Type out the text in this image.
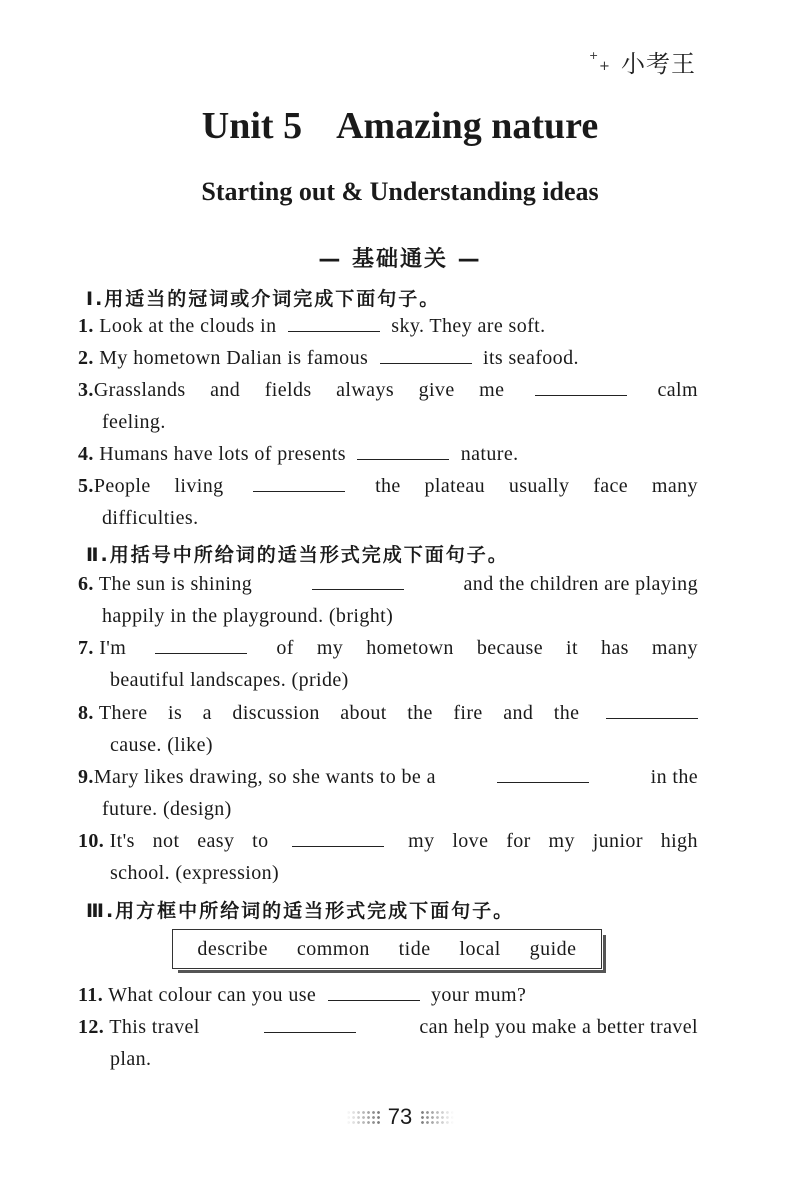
+
+ 小考王
Unit 5 Amazing nature
Starting out & Understanding ideas
— 基础通关 —
Ⅰ.用适当的冠词或介词完成下面句子。
1. Look at the clouds in	sky. They are soft.
2. My hometown Dalian is famous	its seafood.
3.Grasslands and fields always give me	calm
feeling.
4. Humans have lots of presents	nature.
5.People living	the plateau usually face many
difficulties.
Ⅱ.用括号中所给词的适当形式完成下面句子。
6. The sun is shining	and the children are playing
happily in the playground. (bright)
7. I'm	of my hometown because it has many
beautiful landscapes. (pride)
8. There is a discussion about the fire and the
cause. (like)
9.Mary likes drawing, so she wants to be a	in the
future. (design)
10. It's not easy to	my love for my junior high
school. (expression)
Ⅲ.用方框中所给词的适当形式完成下面句子。
describe common tide local guide
11. What colour can you use	your mum?
12. This travel	can help you make a better travel
plan.
73
